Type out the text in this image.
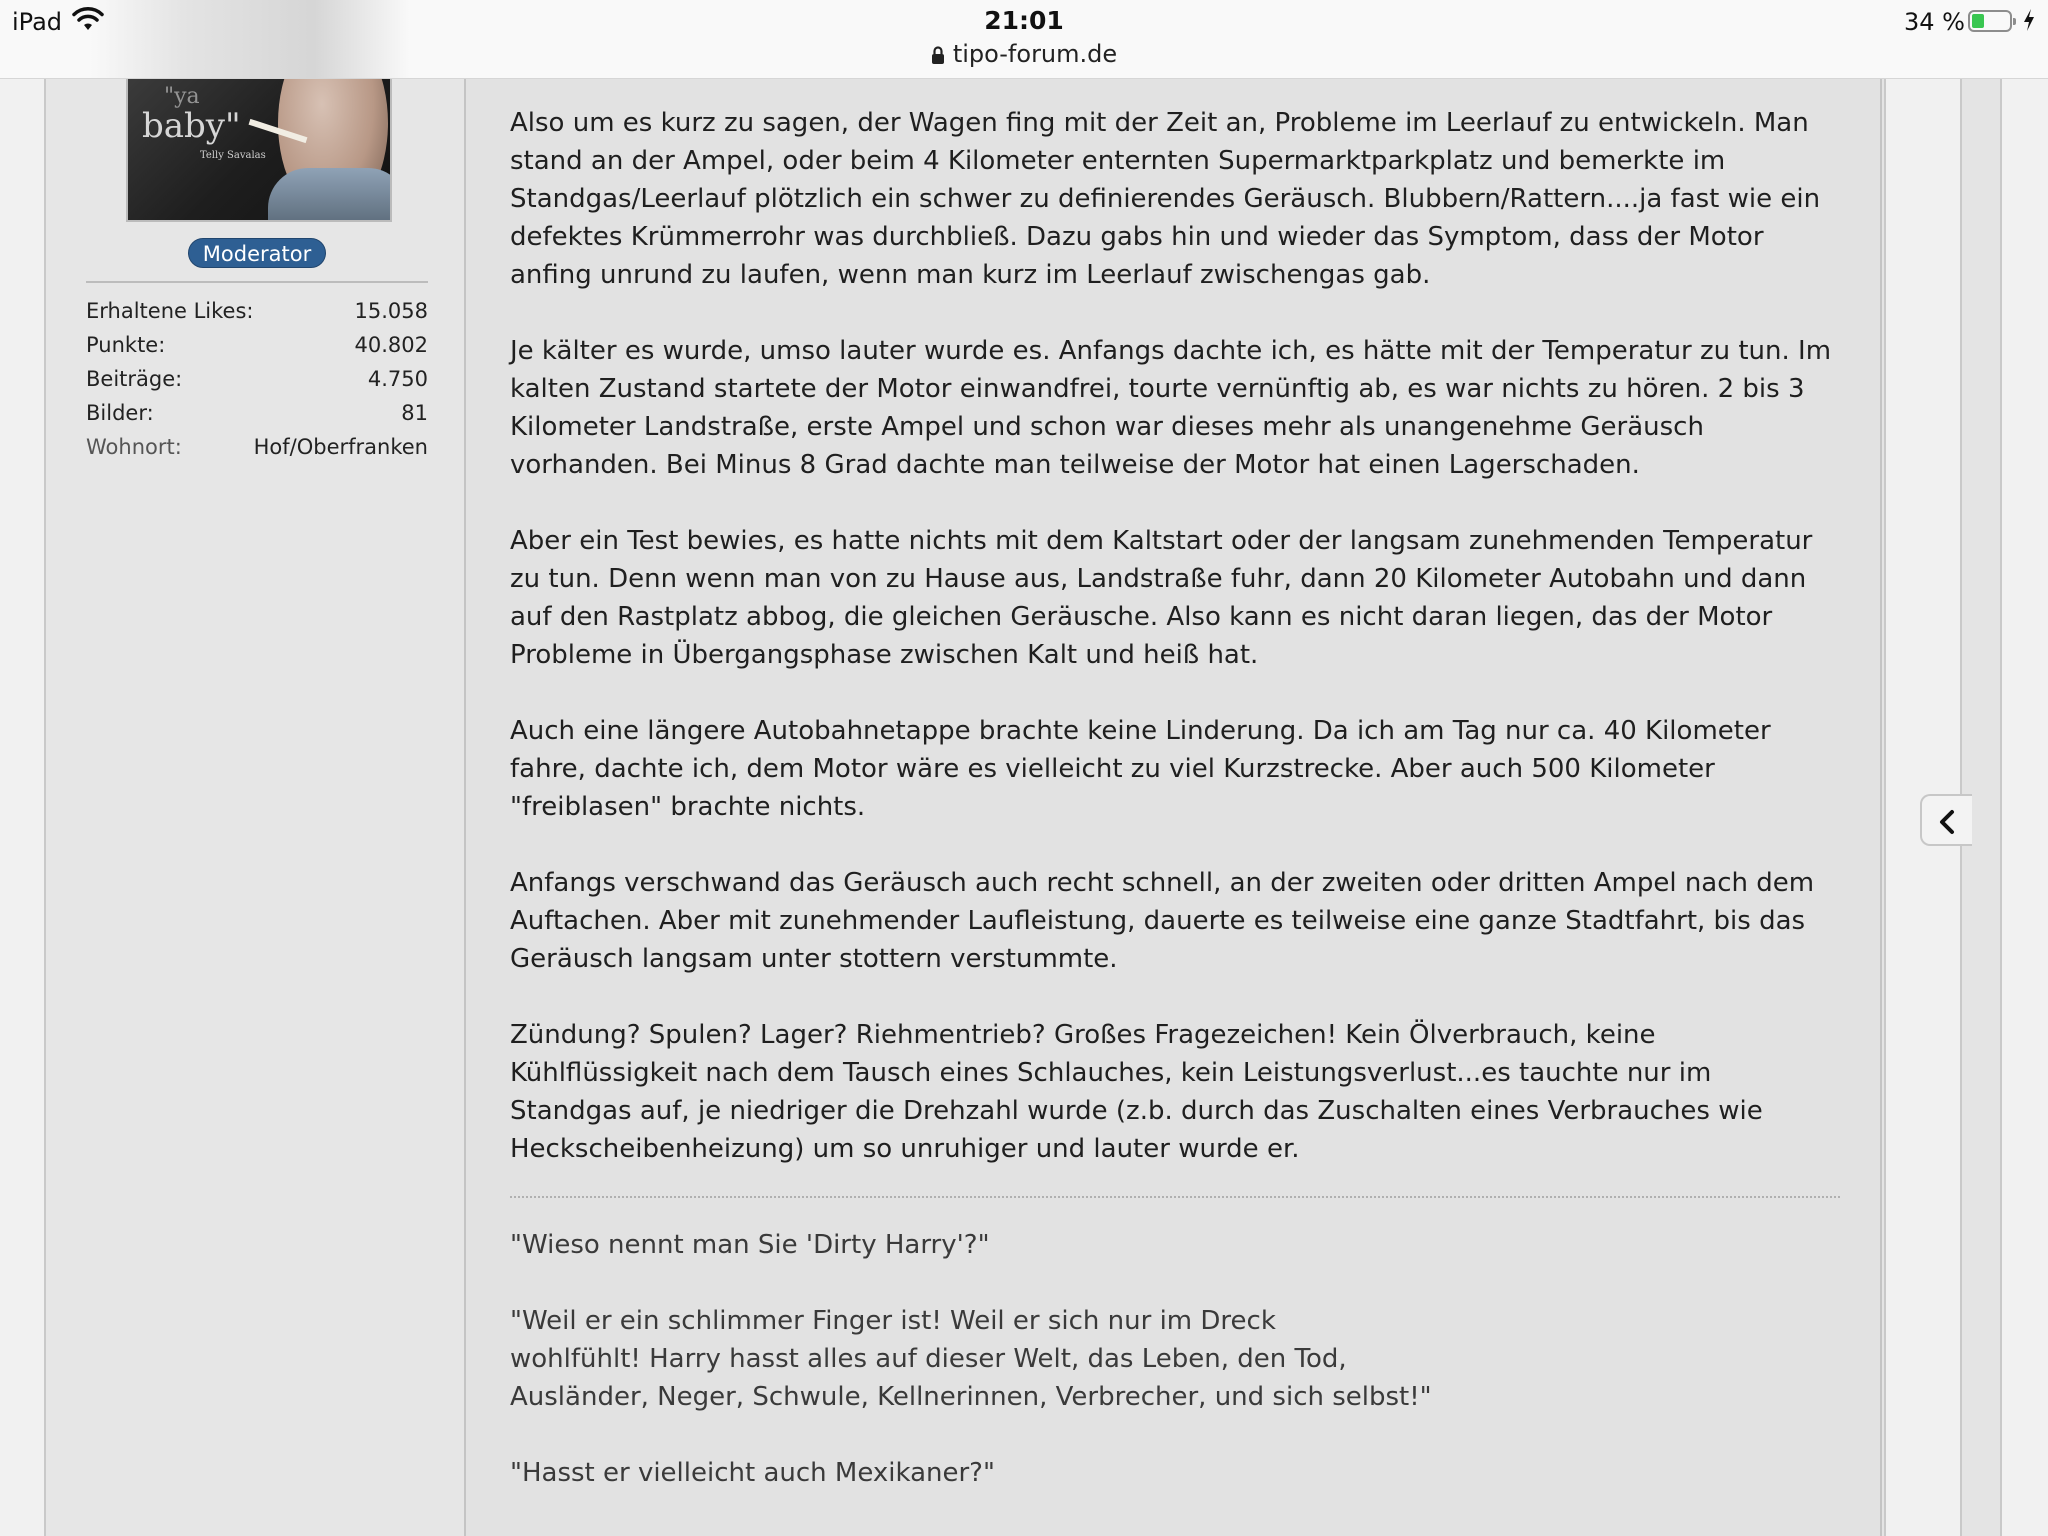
iPad	21:01
tipo-forum.de
34 %
"ya
baby"
Telly Savalas
Moderator
Erhaltene Likes:	15.058
Punkte:	40.802
Beiträge:	4.750
Bilder:	81
Wohnort:	Hof/Oberfranken

Also um es kurz zu sagen, der Wagen fing mit der Zeit an, Probleme im Leerlauf zu entwickeln. Man stand an der Ampel, oder beim 4 Kilometer enternten Supermarktparkplatz und bemerkte im Standgas/Leerlauf plötzlich ein schwer zu definierendes Geräusch. Blubbern/Rattern....ja fast wie ein defektes Krümmerrohr was durchbließ. Dazu gabs hin und wieder das Symptom, dass der Motor anfing unrund zu laufen, wenn man kurz im Leerlauf zwischengas gab.

Je kälter es wurde, umso lauter wurde es. Anfangs dachte ich, es hätte mit der Temperatur zu tun. Im kalten Zustand startete der Motor einwandfrei, tourte vernünftig ab, es war nichts zu hören. 2 bis 3 Kilometer Landstraße, erste Ampel und schon war dieses mehr als unangenehme Geräusch vorhanden. Bei Minus 8 Grad dachte man teilweise der Motor hat einen Lagerschaden.

Aber ein Test bewies, es hatte nichts mit dem Kaltstart oder der langsam zunehmenden Temperatur zu tun. Denn wenn man von zu Hause aus, Landstraße fuhr, dann 20 Kilometer Autobahn und dann auf den Rastplatz abbog, die gleichen Geräusche. Also kann es nicht daran liegen, das der Motor Probleme in Übergangsphase zwischen Kalt und heiß hat.

Auch eine längere Autobahnetappe brachte keine Linderung. Da ich am Tag nur ca. 40 Kilometer fahre, dachte ich, dem Motor wäre es vielleicht zu viel Kurzstrecke. Aber auch 500 Kilometer "freiblasen" brachte nichts.

Anfangs verschwand das Geräusch auch recht schnell, an der zweiten oder dritten Ampel nach dem Auftachen. Aber mit zunehmender Laufleistung, dauerte es teilweise eine ganze Stadtfahrt, bis das Geräusch langsam unter stottern verstummte.

Zündung? Spulen? Lager? Riehmentrieb? Großes Fragezeichen! Kein Ölverbrauch, keine Kühlflüssigkeit nach dem Tausch eines Schlauches, kein Leistungsverlust...es tauchte nur im Standgas auf, je niedriger die Drehzahl wurde (z.b. durch das Zuschalten eines Verbrauches wie Heckscheibenheizung) um so unruhiger und lauter wurde er.

"Wieso nennt man Sie 'Dirty Harry'?"

"Weil er ein schlimmer Finger ist! Weil er sich nur im Dreck
wohlfühlt! Harry hasst alles auf dieser Welt, das Leben, den Tod,
Ausländer, Neger, Schwule, Kellnerinnen, Verbrecher, und sich selbst!"

"Hasst er vielleicht auch Mexikaner?"
